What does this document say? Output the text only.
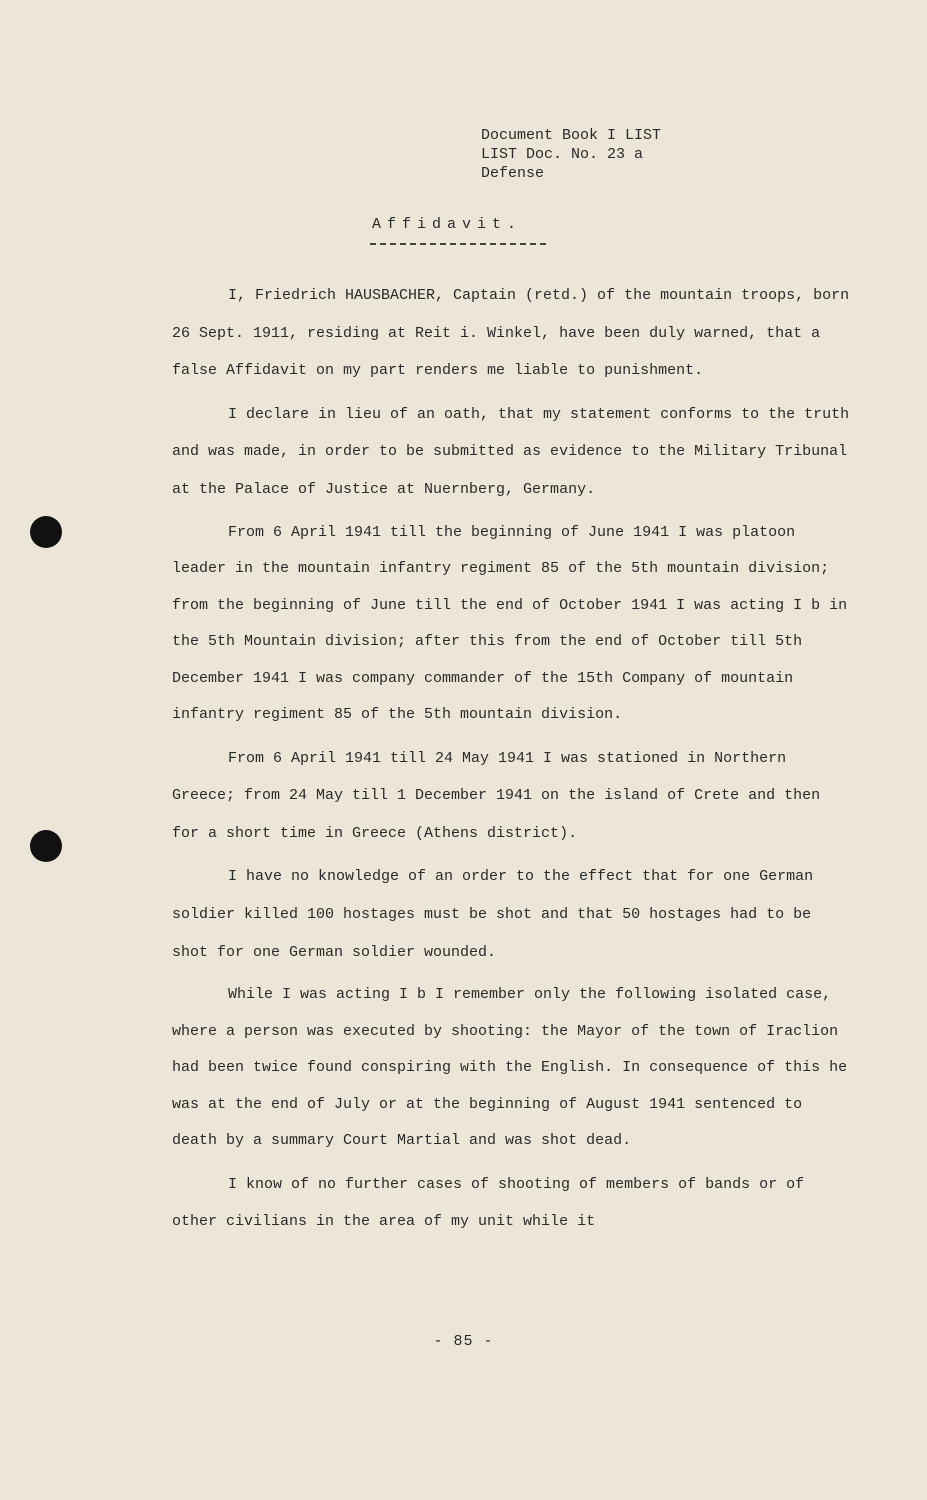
Document Book I LIST
LIST Doc. No. 23 a
Defense
Affidavit.

I, Friedrich HAUSBACHER, Captain (retd.) of the mountain troops, born 26 Sept. 1911, residing at Reit i. Winkel, have been duly warned, that a false Affidavit on my part renders me liable to punishment.

I declare in lieu of an oath, that my statement conforms to the truth and was made, in order to be submitted as evidence to the Military Tribunal at the Palace of Justice at Nuernberg, Germany.

From 6 April 1941 till the beginning of June 1941 I was platoon leader in the mountain infantry regiment 85 of the 5th mountain division; from the beginning of June till the end of October 1941 I was acting I b in the 5th Mountain division; after this from the end of October till 5th December 1941 I was company commander of the 15th Company of mountain infantry regiment 85 of the 5th mountain division.

From 6 April 1941 till 24 May 1941 I was stationed in Northern Greece; from 24 May till 1 December 1941 on the island of Crete and then for a short time in Greece (Athens district).

I have no knowledge of an order to the effect that for one German soldier killed 100 hostages must be shot and that 50 hostages had to be shot for one German soldier wounded.

While I was acting I b I remember only the following isolated case, where a person was executed by shooting: the Mayor of the town of Iraclion had been twice found conspiring with the English. In consequence of this he was at the end of July or at the beginning of August 1941 sentenced to death by a summary Court Martial and was shot dead.

I know of no further cases of shooting of members of bands or of other civilians in the area of my unit while it

- 85 -
